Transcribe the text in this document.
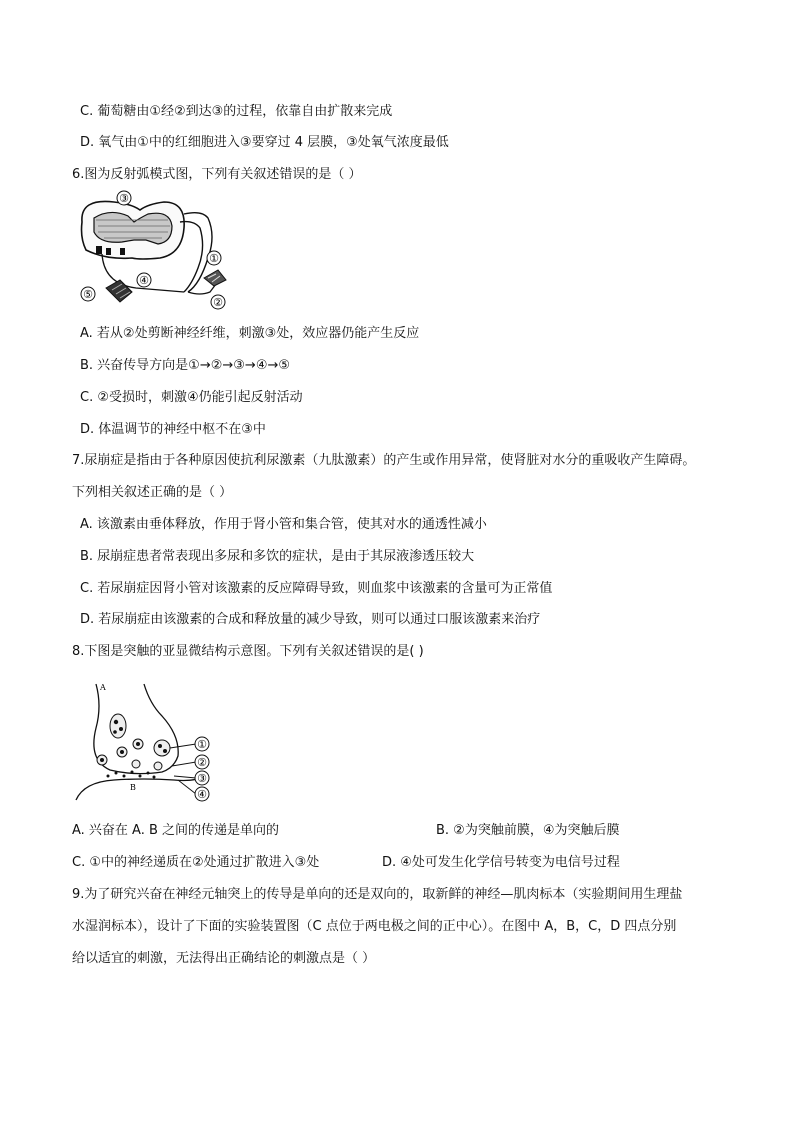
C. 葡萄糖由①经②到达③的过程，依靠自由扩散来完成
D. 氧气由①中的红细胞进入③要穿过 4 层膜，③处氧气浓度最低
6.图为反射弧模式图，下列有关叙述错误的是（ ）
③
①
④
⑤
②
A. 若从②处剪断神经纤维，刺激③处，效应器仍能产生反应
B. 兴奋传导方向是①→②→③→④→⑤
C. ②受损时，刺激④仍能引起反射活动
D. 体温调节的神经中枢不在③中
7.尿崩症是指由于各种原因使抗利尿激素（九肽激素）的产生或作用异常，使肾脏对水分的重吸收产生障碍。
下列相关叙述正确的是（ ）
A. 该激素由垂体释放，作用于肾小管和集合管，使其对水的通透性减小
B. 尿崩症患者常表现出多尿和多饮的症状，是由于其尿液渗透压较大
C. 若尿崩症因肾小管对该激素的反应障碍导致，则血浆中该激素的含量可为正常值
D. 若尿崩症由该激素的合成和释放量的减少导致，则可以通过口服该激素来治疗
8.下图是突触的亚显微结构示意图。下列有关叙述错误的是( )
A
B
①
②
③
④
A. 兴奋在 A. B 之间的传递是单向的	B. ②为突触前膜，④为突触后膜
C. ①中的神经递质在②处通过扩散进入③处	D. ④处可发生化学信号转变为电信号过程
9.为了研究兴奋在神经元轴突上的传导是单向的还是双向的，取新鲜的神经—肌肉标本（实验期间用生理盐
水湿润标本），设计了下面的实验装置图（C 点位于两电极之间的正中心）。在图中 A，B，C，D 四点分别
给以适宜的刺激，无法得出正确结论的刺激点是（ ）
